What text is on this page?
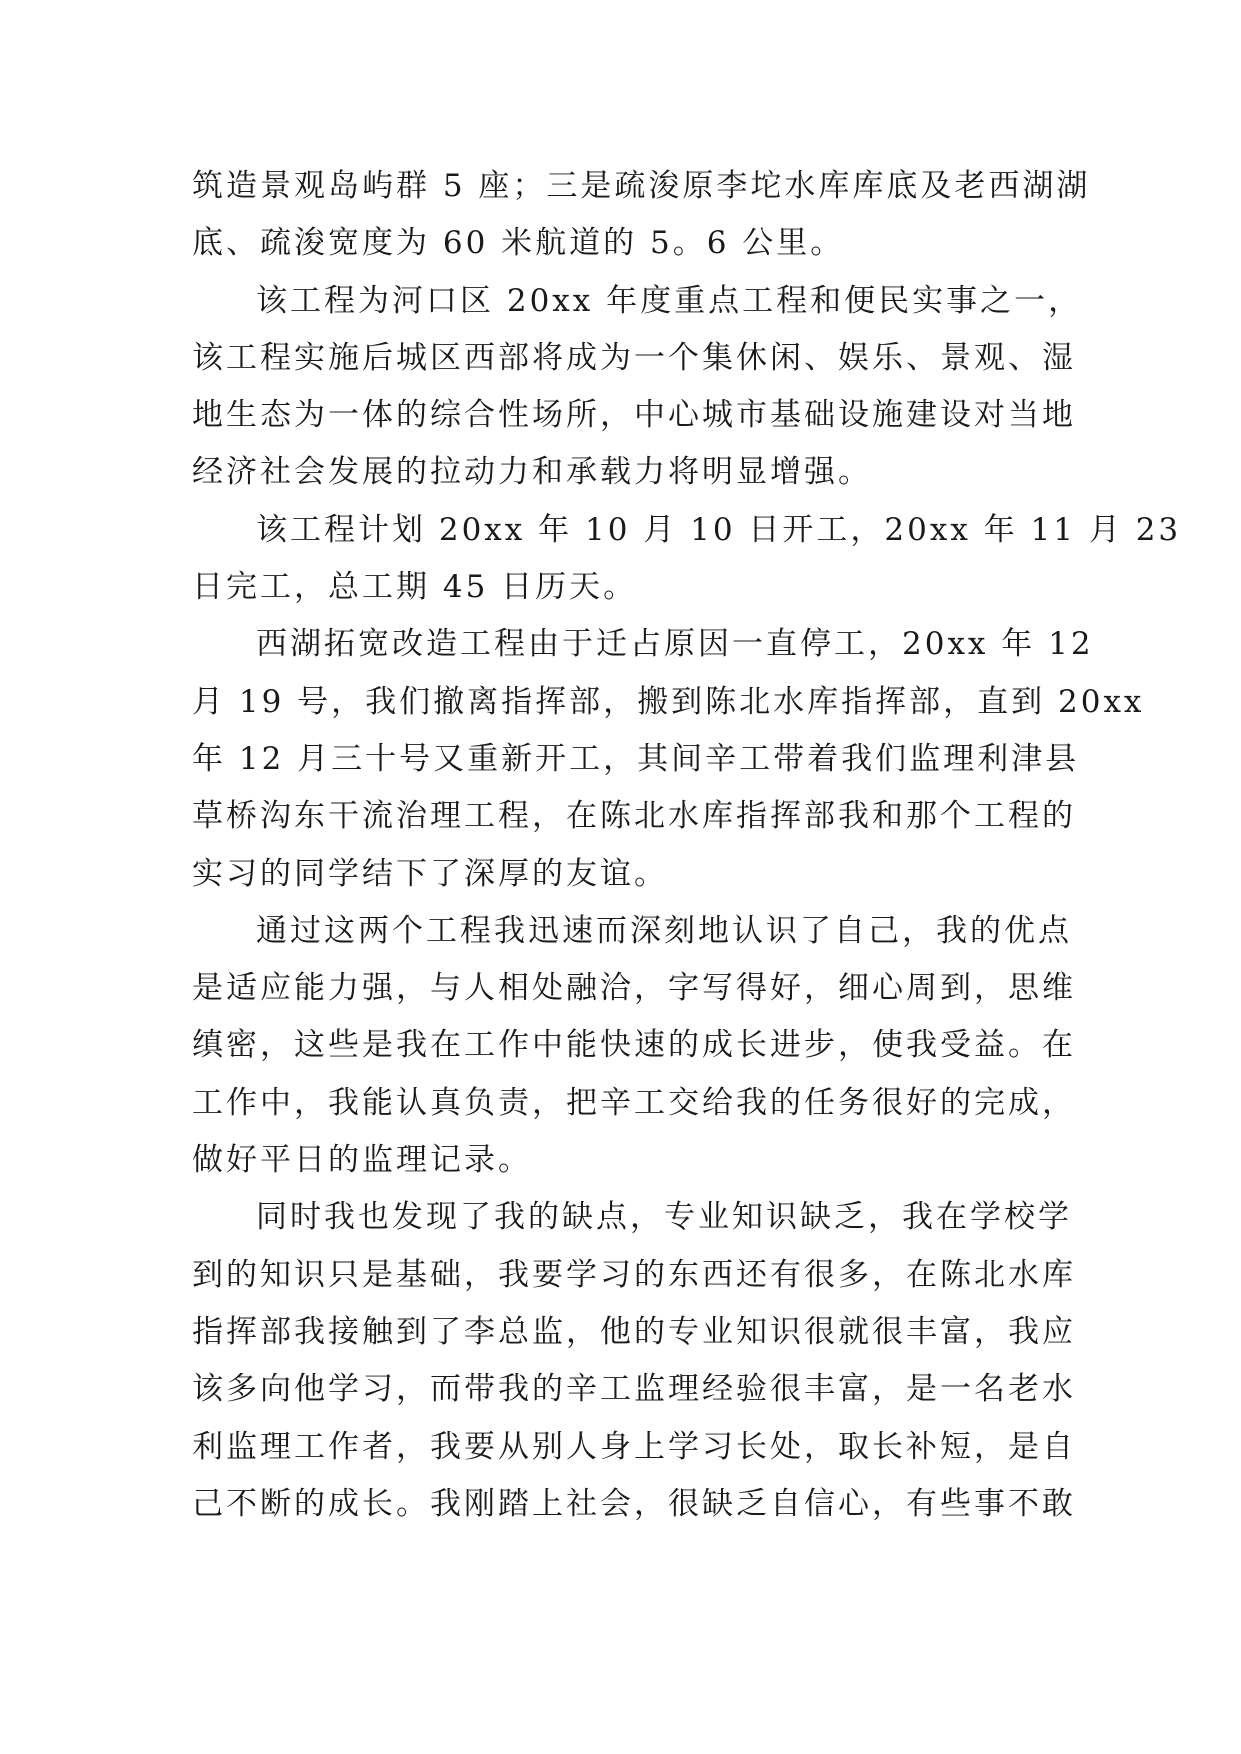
筑造景观岛屿群 5 座；三是疏浚原李坨水库库底及老西湖湖
底、疏浚宽度为 60 米航道的 5。6 公里。
该工程为河口区 20xx 年度重点工程和便民实事之一，
该工程实施后城区西部将成为一个集休闲、娱乐、景观、湿
地生态为一体的综合性场所，中心城市基础设施建设对当地
经济社会发展的拉动力和承载力将明显增强。
该工程计划 20xx 年 10 月 10 日开工，20xx 年 11 月 23
日完工，总工期 45 日历天。
西湖拓宽改造工程由于迁占原因一直停工，20xx 年 12
月 19 号，我们撤离指挥部，搬到陈北水库指挥部，直到 20xx
年 12 月三十号又重新开工，其间辛工带着我们监理利津县
草桥沟东干流治理工程，在陈北水库指挥部我和那个工程的
实习的同学结下了深厚的友谊。
通过这两个工程我迅速而深刻地认识了自己，我的优点
是适应能力强，与人相处融洽，字写得好，细心周到，思维
缜密，这些是我在工作中能快速的成长进步，使我受益。在
工作中，我能认真负责，把辛工交给我的任务很好的完成，
做好平日的监理记录。
同时我也发现了我的缺点，专业知识缺乏，我在学校学
到的知识只是基础，我要学习的东西还有很多，在陈北水库
指挥部我接触到了李总监，他的专业知识很就很丰富，我应
该多向他学习，而带我的辛工监理经验很丰富，是一名老水
利监理工作者，我要从别人身上学习长处，取长补短，是自
己不断的成长。我刚踏上社会，很缺乏自信心，有些事不敢
